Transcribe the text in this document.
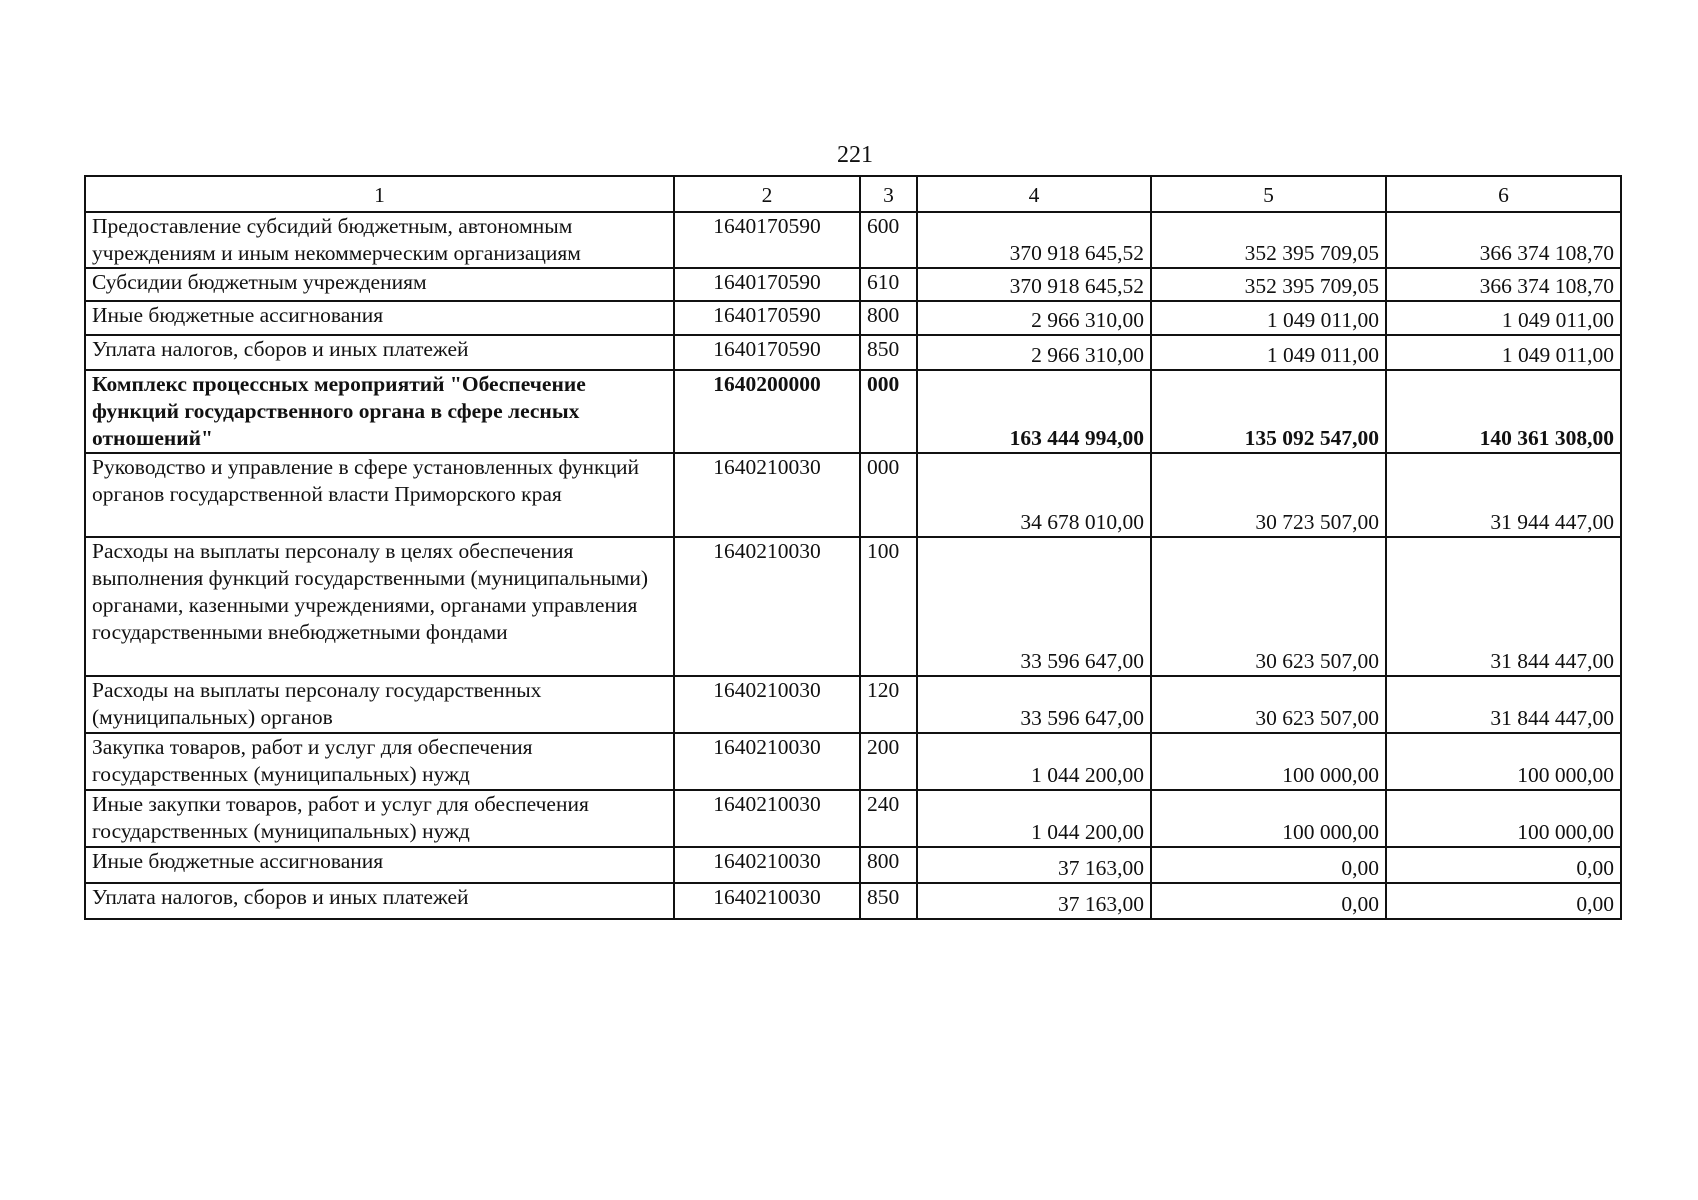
221
1	2	3	4	5	6
Предоставление субсидий бюджетным, автономным учреждениям и иным некоммерческим организациям	1640170590	600	370 918 645,52	352 395 709,05	366 374 108,70
Субсидии бюджетным учреждениям	1640170590	610	370 918 645,52	352 395 709,05	366 374 108,70
Иные бюджетные ассигнования	1640170590	800	2 966 310,00	1 049 011,00	1 049 011,00
Уплата налогов, сборов и иных платежей	1640170590	850	2 966 310,00	1 049 011,00	1 049 011,00
Комплекс процессных мероприятий "Обеспечение функций государственного органа в сфере лесных отношений"	1640200000	000	163 444 994,00	135 092 547,00	140 361 308,00
Руководство и управление в сфере установленных функций органов государственной власти Приморского края	1640210030	000	34 678 010,00	30 723 507,00	31 944 447,00
Расходы на выплаты персоналу в целях обеспечения выполнения функций государственными (муниципальными) органами, казенными учреждениями, органами управления государственными внебюджетными фондами	1640210030	100	33 596 647,00	30 623 507,00	31 844 447,00
Расходы на выплаты персоналу государственных (муниципальных) органов	1640210030	120	33 596 647,00	30 623 507,00	31 844 447,00
Закупка товаров, работ и услуг для обеспечения государственных (муниципальных) нужд	1640210030	200	1 044 200,00	100 000,00	100 000,00
Иные закупки товаров, работ и услуг для обеспечения государственных (муниципальных) нужд	1640210030	240	1 044 200,00	100 000,00	100 000,00
Иные бюджетные ассигнования	1640210030	800	37 163,00	0,00	0,00
Уплата налогов, сборов и иных платежей	1640210030	850	37 163,00	0,00	0,00
